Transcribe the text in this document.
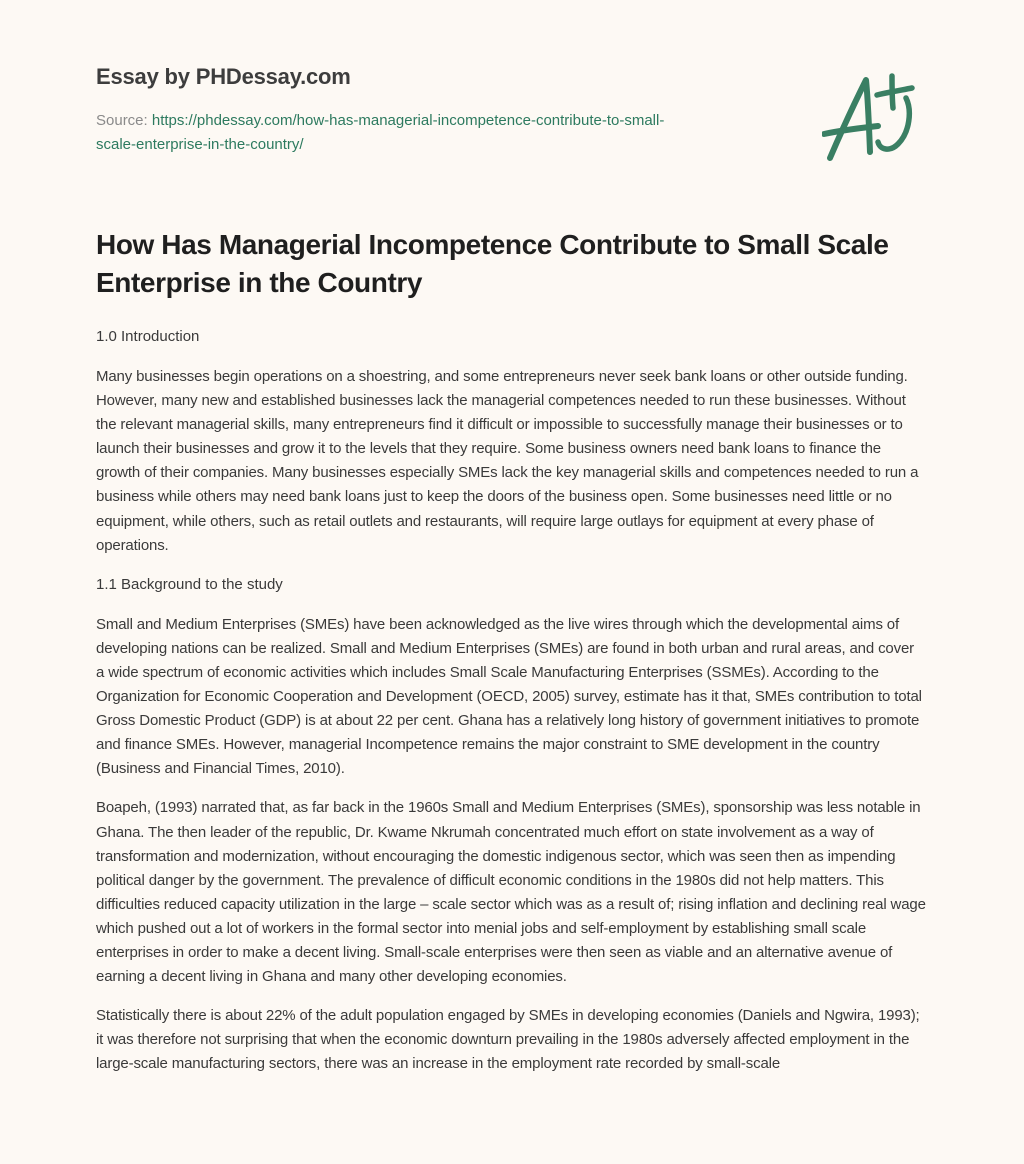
Essay by PHDessay.com
Source: https://phdessay.com/how-has-managerial-incompetence-contribute-to-small-
scale-enterprise-in-the-country/
How Has Managerial Incompetence Contribute to Small Scale Enterprise in the Country

1.0 Introduction

Many businesses begin operations on a shoestring, and some entrepreneurs never seek bank loans or other outside funding. However, many new and established businesses lack the managerial competences needed to run these businesses. Without the relevant managerial skills, many entrepreneurs find it difficult or impossible to successfully manage their businesses or to launch their businesses and grow it to the levels that they require. Some business owners need bank loans to finance the growth of their companies. Many businesses especially SMEs lack the key managerial skills and competences needed to run a business while others may need bank loans just to keep the doors of the business open. Some businesses need little or no equipment, while others, such as retail outlets and restaurants, will require large outlays for equipment at every phase of operations.

1.1 Background to the study

Small and Medium Enterprises (SMEs) have been acknowledged as the live wires through which the developmental aims of developing nations can be realized. Small and Medium Enterprises (SMEs) are found in both urban and rural areas, and cover a wide spectrum of economic activities which includes Small Scale Manufacturing Enterprises (SSMEs). According to the Organization for Economic Cooperation and Development (OECD, 2005) survey, estimate has it that, SMEs contribution to total Gross Domestic Product (GDP) is at about 22 per cent. Ghana has a relatively long history of government initiatives to promote and finance SMEs. However, managerial Incompetence remains the major constraint to SME development in the country (Business and Financial Times, 2010).

Boapeh, (1993) narrated that, as far back in the 1960s Small and Medium Enterprises (SMEs), sponsorship was less notable in Ghana. The then leader of the republic, Dr. Kwame Nkrumah concentrated much effort on state involvement as a way of transformation and modernization, without encouraging the domestic indigenous sector, which was seen then as impending political danger by the government. The prevalence of difficult economic conditions in the 1980s did not help matters. This difficulties reduced capacity utilization in the large – scale sector which was as a result of; rising inflation and declining real wage which pushed out a lot of workers in the formal sector into menial jobs and self-employment by establishing small scale enterprises in order to make a decent living. Small-scale enterprises were then seen as viable and an alternative avenue of earning a decent living in Ghana and many other developing economies.

Statistically there is about 22% of the adult population engaged by SMEs in developing economies (Daniels and Ngwira, 1993); it was therefore not surprising that when the economic downturn prevailing in the 1980s adversely affected employment in the large-scale manufacturing sectors, there was an increase in the employment rate recorded by small-scale
